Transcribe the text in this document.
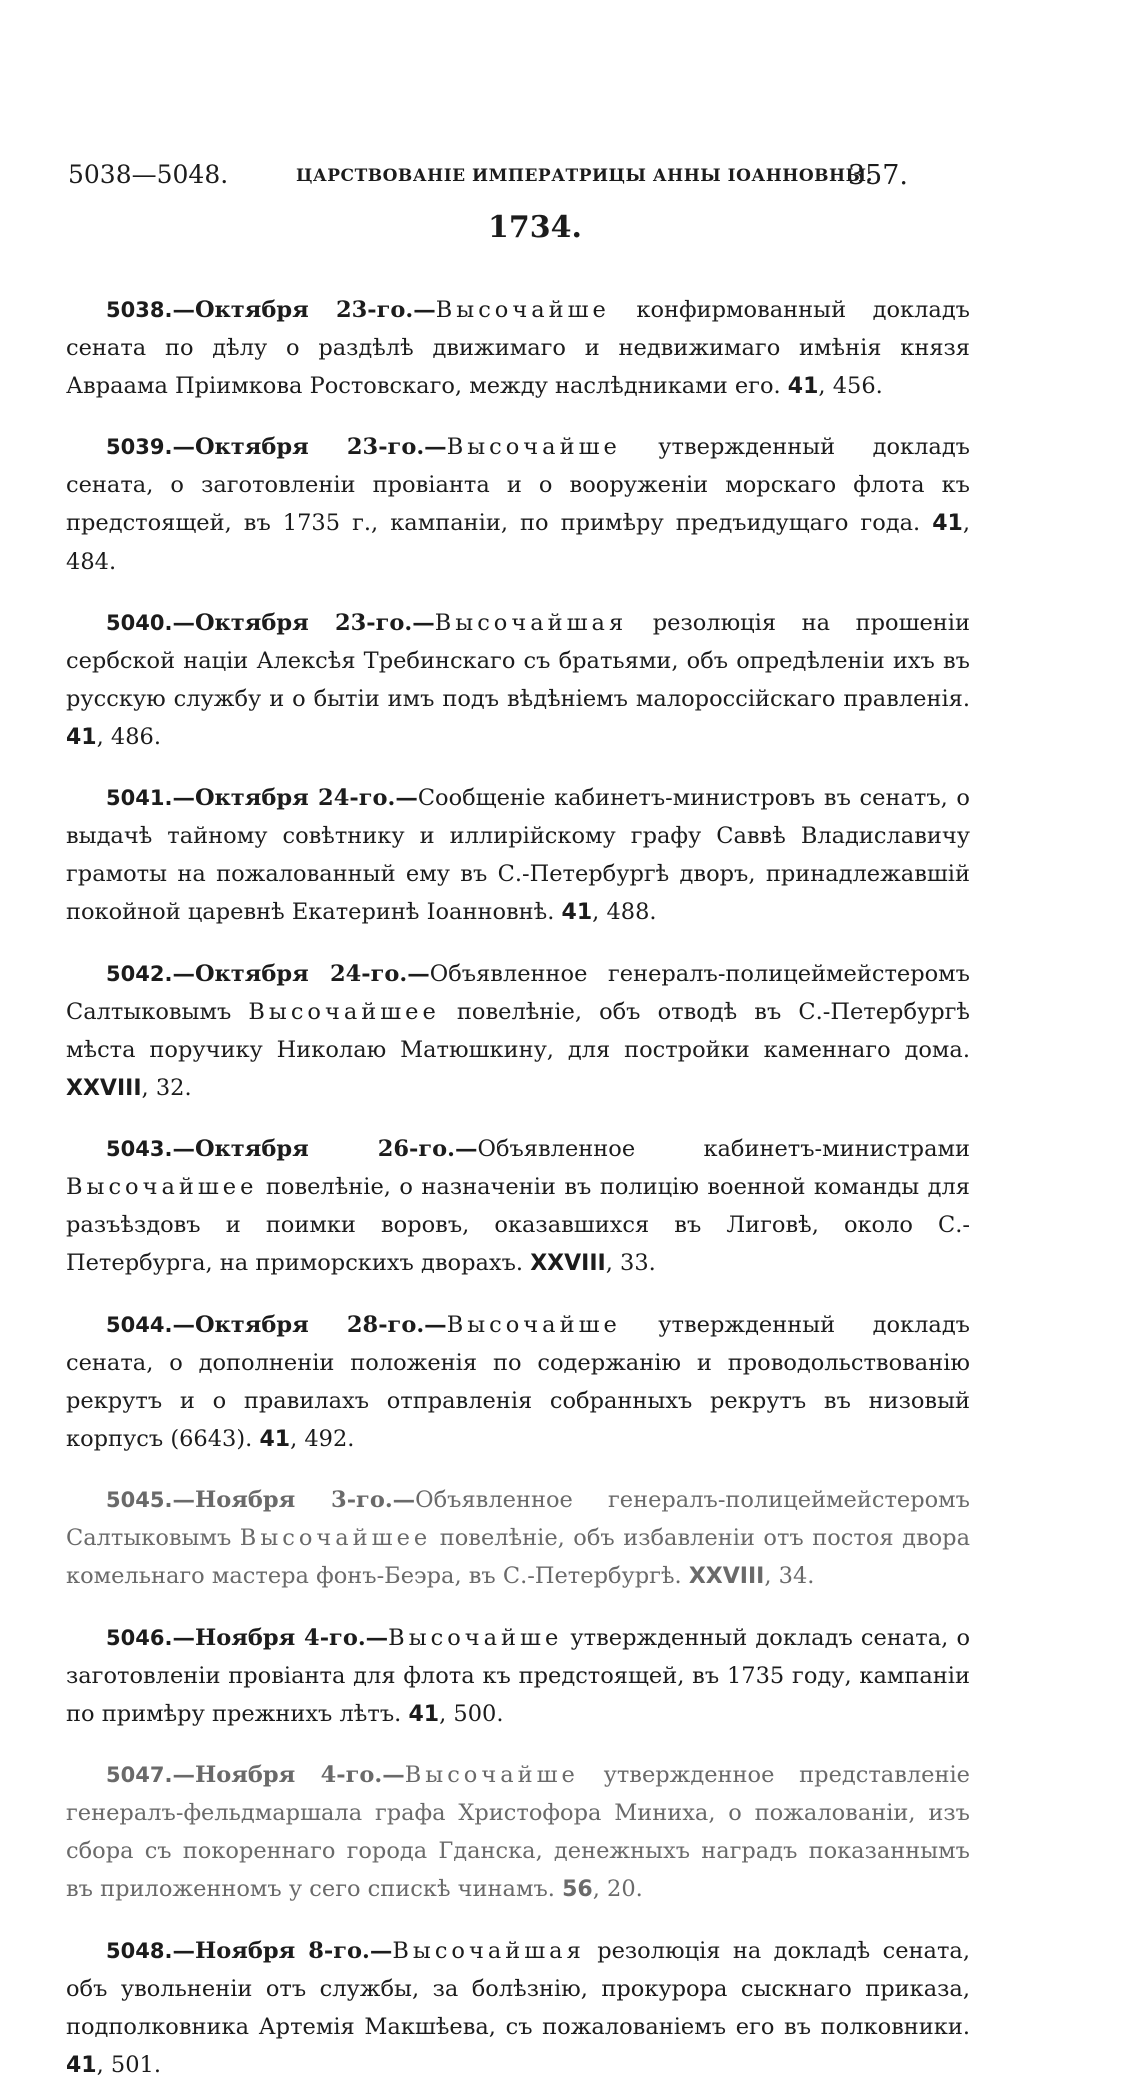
5038—5048.	ЦАРСТВОВАНІЕ ИМПЕРАТРИЦЫ АННЫ ІОАННОВНЫ.
357.
1734.

5038.—Октября 23-го.—Высочайше конфирмованный докладъ сената по дѣлу о раздѣлѣ движимаго и недвижимаго имѣнія князя Авраама Пріимкова Ростовскаго, между наслѣдниками его. 41, 456.

5039.—Октября 23-го.—Высочайше утвержденный докладъ сената, о заготовленіи провіанта и о вооруженіи морскаго флота къ предстоящей, въ 1735 г., кампаніи, по примѣру предъидущаго года. 41, 484.

5040.—Октября 23-го.—Высочайшая резолюція на прошеніи сербской націи Алексѣя Требинскаго съ братьями, объ опредѣленіи ихъ въ русскую службу и о бытіи имъ подъ вѣдѣніемъ малороссійскаго правленія. 41, 486.

5041.—Октября 24-го.—Сообщеніе кабинетъ-министровъ въ сенатъ, о выдачѣ тайному совѣтнику и иллирійскому графу Саввѣ Владиславичу грамоты на пожалованный ему въ С.-Петербургѣ дворъ, принадлежавшій покойной царевнѣ Екатеринѣ Іоанновнѣ. 41, 488.

5042.—Октября 24-го.—Объявленное генералъ-полицеймейстеромъ Салтыковымъ Высочайшее повелѣніе, объ отводѣ въ С.-Петербургѣ мѣста поручику Николаю Матюшкину, для постройки каменнаго дома. XXVIII, 32.

5043.—Октября 26-го.—Объявленное кабинетъ-министрами Высочайшее повелѣніе, о назначеніи въ полицію военной команды для разъѣздовъ и поимки воровъ, оказавшихся въ Лиговѣ, около С.-Петербурга, на приморскихъ дворахъ. XXVIII, 33.

5044.—Октября 28-го.—Высочайше утвержденный докладъ сената, о дополненіи положенія по содержанію и проводольствованію рекрутъ и о правилахъ отправленія собранныхъ рекрутъ въ низовый корпусъ (6643). 41, 492.

5045.—Ноября 3-го.—Объявленное генералъ-полицеймейстеромъ Салтыковымъ Высочайшее повелѣніе, объ избавленіи отъ постоя двора комельнаго мастера фонъ-Беэра, въ С.-Петербургѣ. XXVIII, 34.

5046.—Ноября 4-го.—Высочайше утвержденный докладъ сената, о заготовленіи провіанта для флота къ предстоящей, въ 1735 году, кампаніи по примѣру прежнихъ лѣтъ. 41, 500.

5047.—Ноября 4-го.—Высочайше утвержденное представленіе генералъ-фельдмаршала графа Христофора Миниха, о пожалованіи, изъ сбора съ покореннаго города Гданска, денежныхъ наградъ показаннымъ въ приложенномъ у сего спискѣ чинамъ. 56, 20.

5048.—Ноября 8-го.—Высочайшая резолюція на докладѣ сената, объ увольненіи отъ службы, за болѣзнію, прокурора сыскнаго приказа, подполковника Артемія Макшѣева, съ пожалованіемъ его въ полковники. 41, 501.
